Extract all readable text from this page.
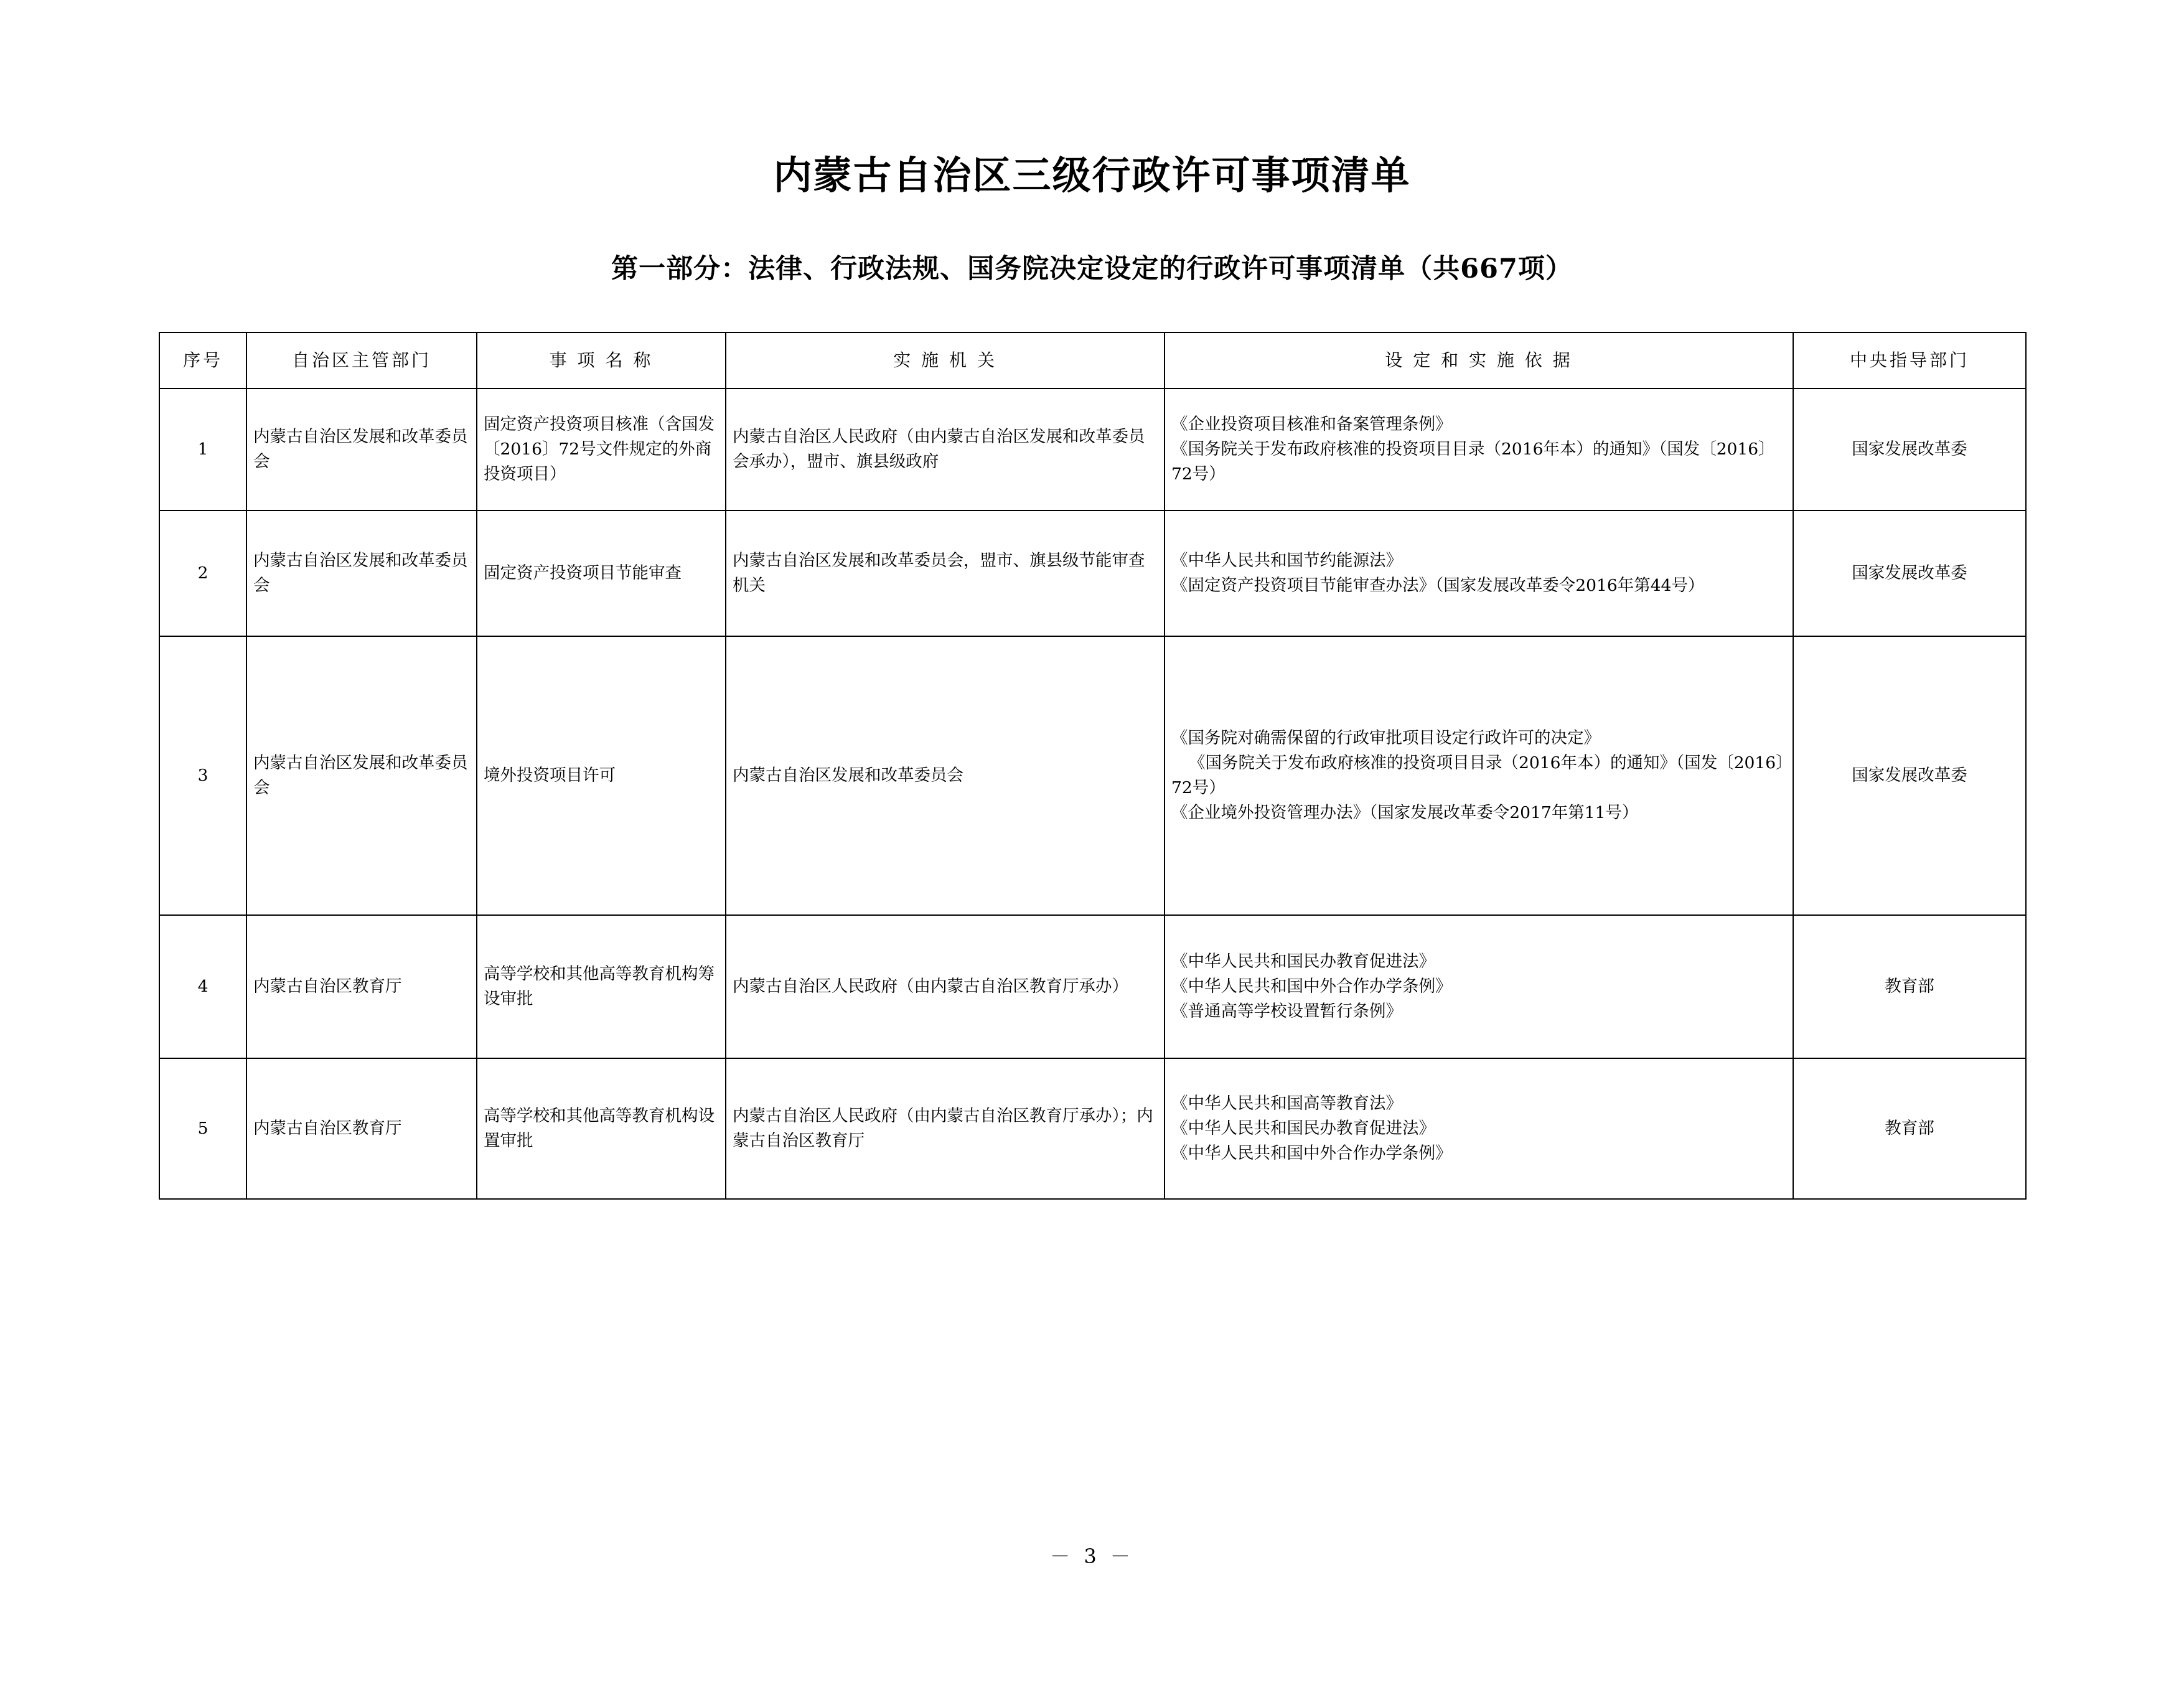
内蒙古自治区三级行政许可事项清单
第一部分：法律、行政法规、国务院决定设定的行政许可事项清单（共667项）
序号	自治区主管部门	事 项 名 称	实 施 机 关	设 定 和 实 施 依 据	中央指导部门
1	内蒙古自治区发展和改革委员会	固定资产投资项目核准（含国发〔2016〕72号文件规定的外商投资项目）	内蒙古自治区人民政府（由内蒙古自治区发展和改革委员会承办），盟市、旗县级政府	《企业投资项目核准和备案管理条例》
《国务院关于发布政府核准的投资项目目录（2016年本）的通知》（国发〔2016〕72号）	国家发展改革委
2	内蒙古自治区发展和改革委员会	固定资产投资项目节能审查	内蒙古自治区发展和改革委员会，盟市、旗县级节能审查机关	《中华人民共和国节约能源法》
《固定资产投资项目节能审查办法》（国家发展改革委令2016年第44号）	国家发展改革委
3	内蒙古自治区发展和改革委员会	境外投资项目许可	内蒙古自治区发展和改革委员会	《国务院对确需保留的行政审批项目设定行政许可的决定》
《国务院关于发布政府核准的投资项目目录（2016年本）的通知》（国发〔2016〕72号）
《企业境外投资管理办法》（国家发展改革委令2017年第11号）	国家发展改革委
4	内蒙古自治区教育厅	高等学校和其他高等教育机构筹设审批	内蒙古自治区人民政府（由内蒙古自治区教育厅承办）	《中华人民共和国民办教育促进法》
《中华人民共和国中外合作办学条例》
《普通高等学校设置暂行条例》	教育部
5	内蒙古自治区教育厅	高等学校和其他高等教育机构设置审批	内蒙古自治区人民政府（由内蒙古自治区教育厅承办）；内蒙古自治区教育厅	《中华人民共和国高等教育法》
《中华人民共和国民办教育促进法》
《中华人民共和国中外合作办学条例》	教育部
－ 3 －
